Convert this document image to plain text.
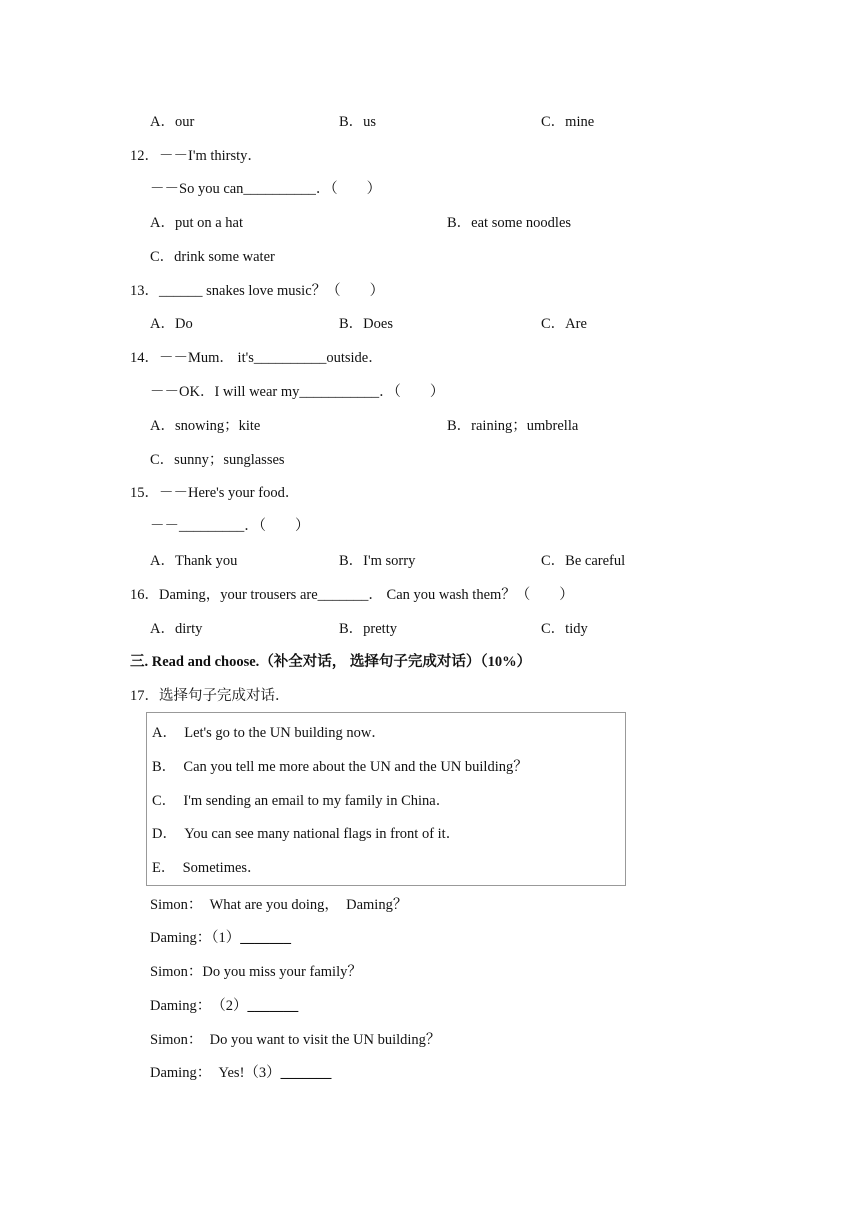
A．our	B．us	C．mine
12．－－I'm thirsty．
－－So you can__________．（　　）
A．put on a hat	B．eat some noodles
C．drink some water
13．______ snakes love music？（　　）
A．Do	B．Does	C．Are
14．－－Mum． it's__________outside．
－－OK．I will wear my___________．（　　）
A．snowing；kite	B．raining；umbrella
C．sunny；sunglasses
15．－－Here's your food．
－－_________．（　　）
A．Thank you	B．I'm sorry	C．Be careful
16．Daming，your trousers are_______． Can you wash them？（　　）
A．dirty	B．pretty	C．tidy
三. Read and choose.（补全对话， 选择句子完成对话）（10%）
17．选择句子完成对话．
A．　Let's go to the UN building now．
B．　Can you tell me more about the UN and the UN building？
C．　I'm sending an email to my family in China．
D．　You can see many national flags in front of it．
E．　Sometimes．
Simon：　What are you doing，　Daming？
Daming：（1）_______
Simon：Do you miss your family？
Daming：　（2）_______
Simon：　Do you want to visit the UN building？
Daming：　Yes!（3）_______
